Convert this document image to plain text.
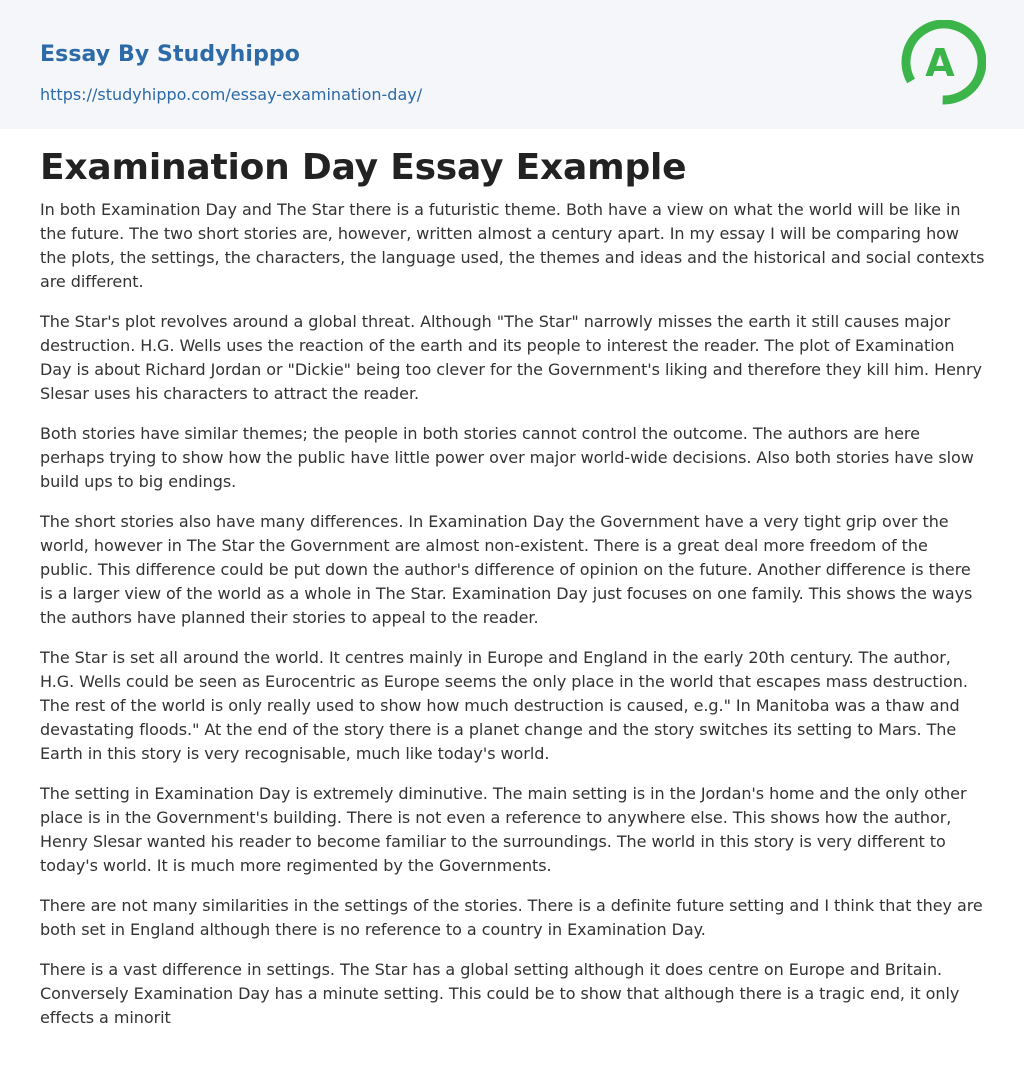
Essay By Studyhippo
https://studyhippo.com/essay-examination-day/
A
Examination Day Essay Example

In both Examination Day and The Star there is a futuristic theme. Both have a view on what the world will be like in the future. The two short stories are, however, written almost a century apart. In my essay I will be comparing how the plots, the settings, the characters, the language used, the themes and ideas and the historical and social contexts are different.

The Star's plot revolves around a global threat. Although "The Star" narrowly misses the earth it still causes major destruction. H.G. Wells uses the reaction of the earth and its people to interest the reader. The plot of Examination Day is about Richard Jordan or "Dickie" being too clever for the Government's liking and therefore they kill him. Henry Slesar uses his characters to attract the reader.

Both stories have similar themes; the people in both stories cannot control the outcome. The authors are here perhaps trying to show how the public have little power over major world-wide decisions. Also both stories have slow build ups to big endings.

The short stories also have many differences. In Examination Day the Government have a very tight grip over the world, however in The Star the Government are almost non-existent. There is a great deal more freedom of the public. This difference could be put down the author's difference of opinion on the future. Another difference is there is a larger view of the world as a whole in The Star. Examination Day just focuses on one family. This shows the ways the authors have planned their stories to appeal to the reader.

The Star is set all around the world. It centres mainly in Europe and England in the early 20th century. The author, H.G. Wells could be seen as Eurocentric as Europe seems the only place in the world that escapes mass destruction. The rest of the world is only really used to show how much destruction is caused, e.g." In Manitoba was a thaw and devastating floods." At the end of the story there is a planet change and the story switches its setting to Mars. The Earth in this story is very recognisable, much like today's world.

The setting in Examination Day is extremely diminutive. The main setting is in the Jordan's home and the only other place is in the Government's building. There is not even a reference to anywhere else. This shows how the author, Henry Slesar wanted his reader to become familiar to the surroundings. The world in this story is very different to today's world. It is much more regimented by the Governments.

There are not many similarities in the settings of the stories. There is a definite future setting and I think that they are both set in England although there is no reference to a country in Examination Day.

There is a vast difference in settings. The Star has a global setting although it does centre on Europe and Britain. Conversely Examination Day has a minute setting. This could be to show that although there is a tragic end, it only effects a minorit
